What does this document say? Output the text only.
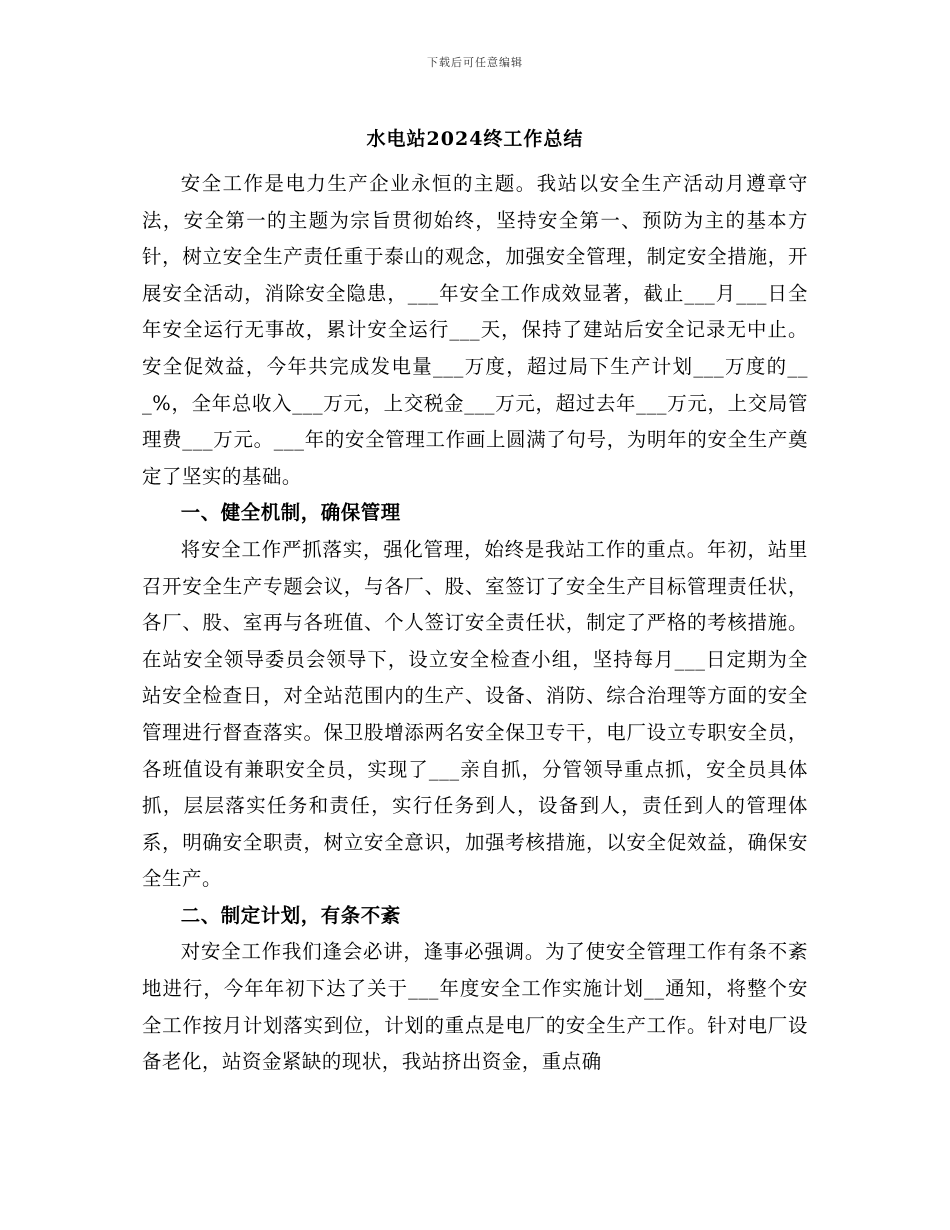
下载后可任意编辑
水电站2024终工作总结

安全工作是电力生产企业永恒的主题。我站以安全生产活动月遵章守法，安全第一的主题为宗旨贯彻始终，坚持安全第一、预防为主的基本方针，树立安全生产责任重于泰山的观念，加强安全管理，制定安全措施，开展安全活动，消除安全隐患，___年安全工作成效显著，截止___月___日全年安全运行无事故，累计安全运行___天，保持了建站后安全记录无中止。安全促效益，今年共完成发电量___万度，超过局下生产计划___万度的___%，全年总收入___万元，上交税金___万元，超过去年___万元，上交局管理费___万元。___年的安全管理工作画上圆满了句号，为明年的安全生产奠定了坚实的基础。

一、健全机制，确保管理

将安全工作严抓落实，强化管理，始终是我站工作的重点。年初，站里召开安全生产专题会议，与各厂、股、室签订了安全生产目标管理责任状，各厂、股、室再与各班值、个人签订安全责任状，制定了严格的考核措施。在站安全领导委员会领导下，设立安全检查小组，坚持每月___日定期为全站安全检查日，对全站范围内的生产、设备、消防、综合治理等方面的安全管理进行督查落实。保卫股增添两名安全保卫专干，电厂设立专职安全员，各班值设有兼职安全员，实现了___亲自抓，分管领导重点抓，安全员具体抓，层层落实任务和责任，实行任务到人，设备到人，责任到人的管理体系，明确安全职责，树立安全意识，加强考核措施，以安全促效益，确保安全生产。

二、制定计划，有条不紊

对安全工作我们逢会必讲，逢事必强调。为了使安全管理工作有条不紊地进行，今年年初下达了关于___年度安全工作实施计划__通知，将整个安全工作按月计划落实到位，计划的重点是电厂的安全生产工作。针对电厂设备老化，站资金紧缺的现状，我站挤出资金，重点确
